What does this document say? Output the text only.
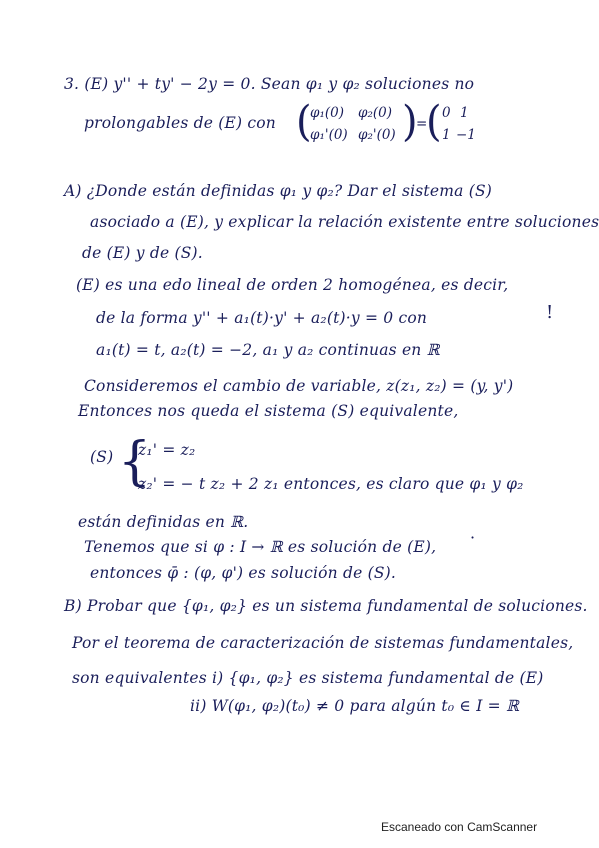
3. (E) y'' + ty' − 2y = 0. Sean φ₁ y φ₂ soluciones no
prolongables de (E) con (
φ₁(0) φ₂(0)
φ₁'(0) φ₂'(0) )
=
( 0 1
1 −1
A) ¿Donde están definidas φ₁ y φ₂? Dar el sistema (S)
asociado a (E), y explicar la relación existente entre soluciones
de (E) y de (S).
(E) es una edo lineal de orden 2 homogénea, es decir,
de la forma y'' + a₁(t)·y' + a₂(t)·y = 0 con	!
a₁(t) = t, a₂(t) = −2, a₁ y a₂ continuas en ℝ
Consideremos el cambio de variable, z(z₁, z₂) = (y, y')
Entonces nos queda el sistema (S) equivalente,
(S) {
z₁' = z₂
z₂' = − t z₂ + 2 z₁ entonces, es claro que φ₁ y φ₂
están definidas en ℝ.
Tenemos que si φ : I → ℝ es solución de (E), ·
entonces φ̄ : (φ, φ') es solución de (S).
B) Probar que {φ₁, φ₂} es un sistema fundamental de soluciones.
Por el teorema de caracterización de sistemas fundamentales,
son equivalentes i) {φ₁, φ₂} es sistema fundamental de (E)
ii) W(φ₁, φ₂)(t₀) ≠ 0 para algún t₀ ∈ I = ℝ
Escaneado con CamScanner
